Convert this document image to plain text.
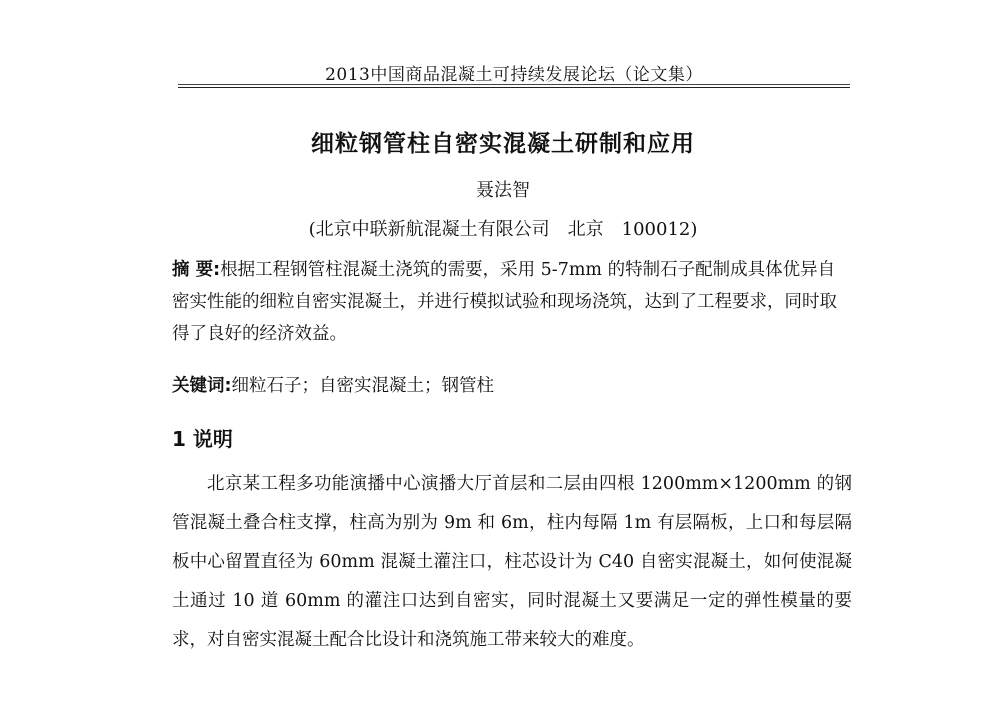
2013中国商品混凝土可持续发展论坛（论文集）
细粒钢管柱自密实混凝土研制和应用
聂法智
(北京中联新航混凝土有限公司　北京　100012)
摘 要:根据工程钢管柱混凝土浇筑的需要，采用 5-7mm 的特制石子配制成具体优异自密实性能的细粒自密实混凝土，并进行模拟试验和现场浇筑，达到了工程要求，同时取得了良好的经济效益。
关键词:细粒石子；自密实混凝土；钢管柱
1 说明
北京某工程多功能演播中心演播大厅首层和二层由四根 1200mm×1200mm 的钢管混凝土叠合柱支撑，柱高为别为 9m 和 6m，柱内每隔 1m 有层隔板，上口和每层隔板中心留置直径为 60mm 混凝土灌注口，柱芯设计为 C40 自密实混凝土，如何使混凝土通过 10 道 60mm 的灌注口达到自密实，同时混凝土又要满足一定的弹性模量的要求，对自密实混凝土配合比设计和浇筑施工带来较大的难度。
